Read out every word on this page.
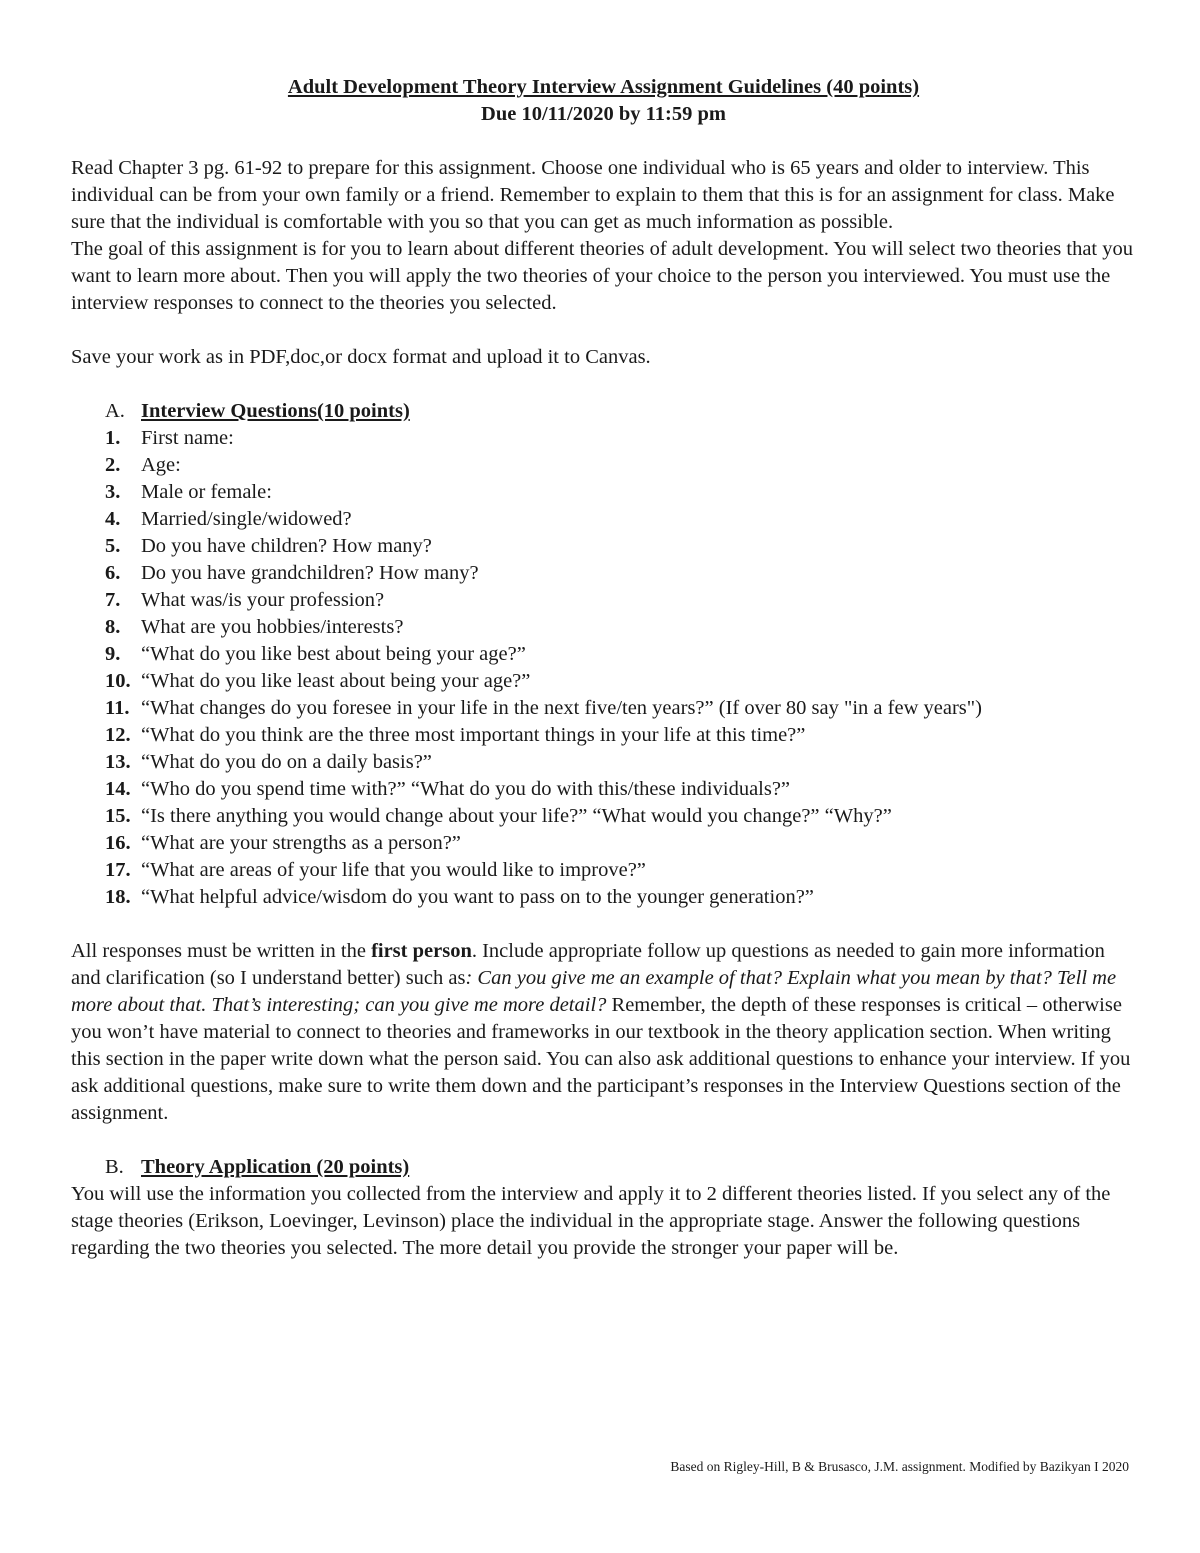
Adult Development Theory Interview Assignment Guidelines (40 points)

Due 10/11/2020 by 11:59 pm

Read Chapter 3 pg. 61-92 to prepare for this assignment. Choose one individual who is 65 years and older to interview. This individual can be from your own family or a friend. Remember to explain to them that this is for an assignment for class. Make sure that the individual is comfortable with you so that you can get as much information as possible.

The goal of this assignment is for you to learn about different theories of adult development. You will select two theories that you want to learn more about. Then you will apply the two theories of your choice to the person you interviewed. You must use the interview responses to connect to the theories you selected.

Save your work as in PDF,doc,or docx format and upload it to Canvas.

A. Interview Questions(10 points)
1. First name:
2. Age:
3. Male or female:
4. Married/single/widowed?
5. Do you have children? How many?
6. Do you have grandchildren? How many?
7. What was/is your profession?
8. What are you hobbies/interests?
9. “What do you like best about being your age?”
10. “What do you like least about being your age?”
11. “What changes do you foresee in your life in the next five/ten years?” (If over 80 say "in a few years")
12. “What do you think are the three most important things in your life at this time?”
13. “What do you do on a daily basis?”
14. “Who do you spend time with?” “What do you do with this/these individuals?”
15. “Is there anything you would change about your life?” “What would you change?” “Why?”
16. “What are your strengths as a person?”
17. “What are areas of your life that you would like to improve?”
18. “What helpful advice/wisdom do you want to pass on to the younger generation?”

All responses must be written in the first person. Include appropriate follow up questions as needed to gain more information and clarification (so I understand better) such as: Can you give me an example of that? Explain what you mean by that? Tell me more about that. That’s interesting; can you give me more detail? Remember, the depth of these responses is critical – otherwise you won’t have material to connect to theories and frameworks in our textbook in the theory application section. When writing this section in the paper write down what the person said. You can also ask additional questions to enhance your interview. If you ask additional questions, make sure to write them down and the participant’s responses in the Interview Questions section of the assignment.

B. Theory Application (20 points)

You will use the information you collected from the interview and apply it to 2 different theories listed. If you select any of the stage theories (Erikson, Loevinger, Levinson) place the individual in the appropriate stage. Answer the following questions regarding the two theories you selected. The more detail you provide the stronger your paper will be.

Based on Rigley-Hill, B & Brusasco, J.M. assignment. Modified by Bazikyan I 2020
